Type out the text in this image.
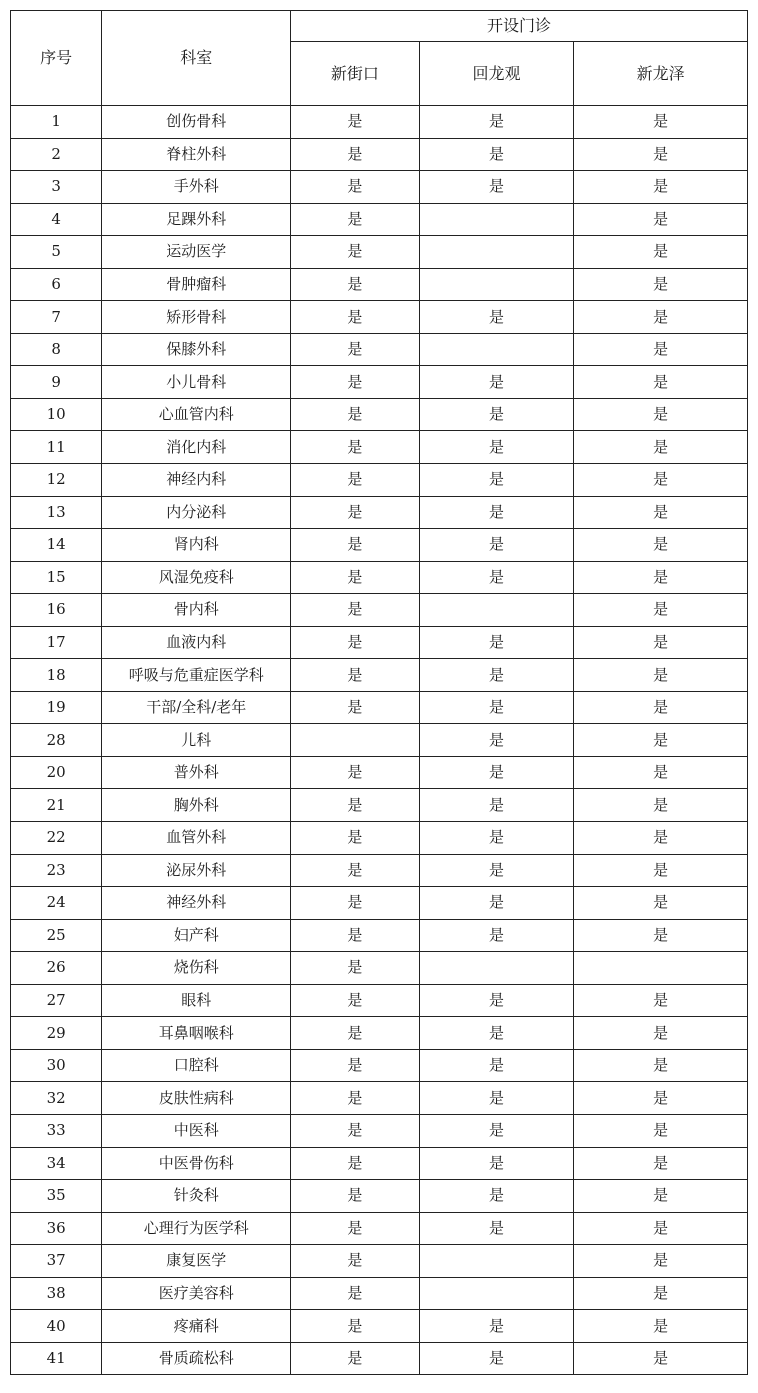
序号	科室	开设门诊		
		新街口	回龙观	新龙泽
1	创伤骨科	是	是	是
2	脊柱外科	是	是	是
3	手外科	是	是	是
4	足踝外科	是		是
5	运动医学	是		是
6	骨肿瘤科	是		是
7	矫形骨科	是	是	是
8	保膝外科	是		是
9	小儿骨科	是	是	是
10	心血管内科	是	是	是
11	消化内科	是	是	是
12	神经内科	是	是	是
13	内分泌科	是	是	是
14	肾内科	是	是	是
15	风湿免疫科	是	是	是
16	骨内科	是		是
17	血液内科	是	是	是
18	呼吸与危重症医学科	是	是	是
19	干部/全科/老年	是	是	是
28	儿科		是	是
20	普外科	是	是	是
21	胸外科	是	是	是
22	血管外科	是	是	是
23	泌尿外科	是	是	是
24	神经外科	是	是	是
25	妇产科	是	是	是
26	烧伤科	是		
27	眼科	是	是	是
29	耳鼻咽喉科	是	是	是
30	口腔科	是	是	是
32	皮肤性病科	是	是	是
33	中医科	是	是	是
34	中医骨伤科	是	是	是
35	针灸科	是	是	是
36	心理行为医学科	是	是	是
37	康复医学	是		是
38	医疗美容科	是		是
40	疼痛科	是	是	是
41	骨质疏松科	是	是	是
